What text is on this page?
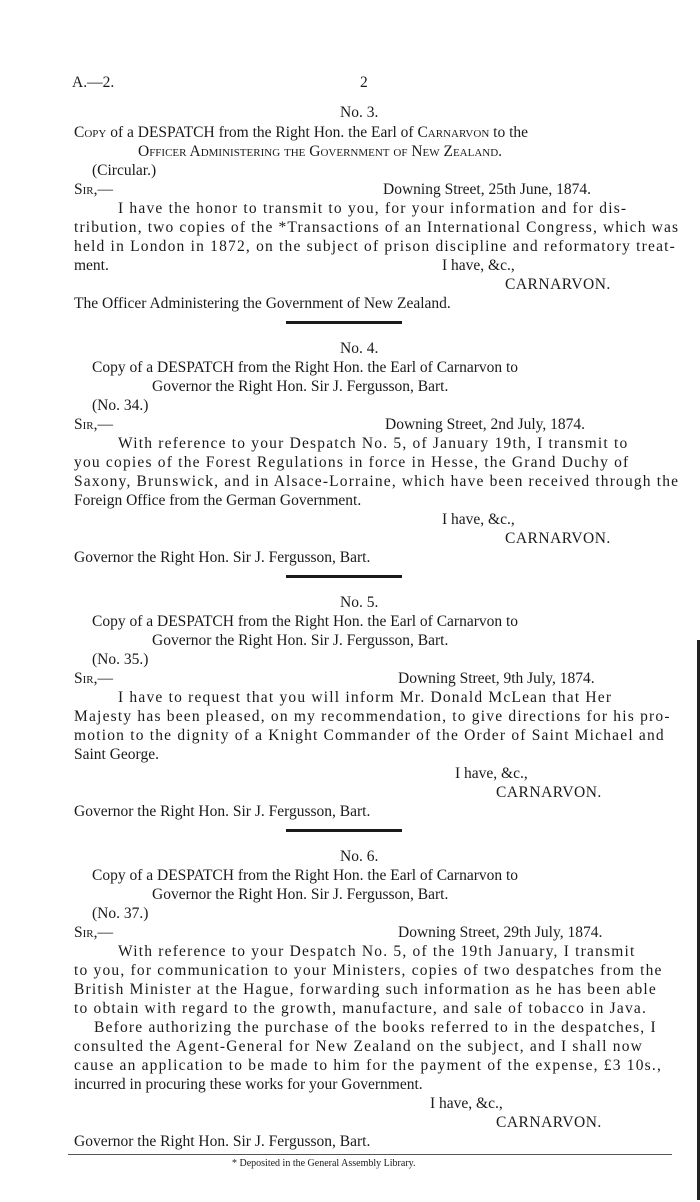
A.—2.	2
No. 3.
Copy of a DESPATCH from the Right Hon. the Earl of Carnarvon to the
Officer Administering the Government of New Zealand.
(Circular.)
Sir,—	Downing Street, 25th June, 1874.
I have the honor to transmit to you, for your information and for dis-
tribution, two copies of the *Transactions of an International Congress, which was
held in London in 1872, on the subject of prison discipline and reformatory treat-
ment.	I have, &c.,
CARNARVON.
The Officer Administering the Government of New Zealand.
No. 4.
Copy of a DESPATCH from the Right Hon. the Earl of Carnarvon to
Governor the Right Hon. Sir J. Fergusson, Bart.
(No. 34.)
Sir,—	Downing Street, 2nd July, 1874.
With reference to your Despatch No. 5, of January 19th, I transmit to
you copies of the Forest Regulations in force in Hesse, the Grand Duchy of
Saxony, Brunswick, and in Alsace-Lorraine, which have been received through the
Foreign Office from the German Government.
I have, &c.,
CARNARVON.
Governor the Right Hon. Sir J. Fergusson, Bart.
No. 5.
Copy of a DESPATCH from the Right Hon. the Earl of Carnarvon to
Governor the Right Hon. Sir J. Fergusson, Bart.
(No. 35.)
Sir,—	Downing Street, 9th July, 1874.
I have to request that you will inform Mr. Donald McLean that Her
Majesty has been pleased, on my recommendation, to give directions for his pro-
motion to the dignity of a Knight Commander of the Order of Saint Michael and
Saint George.
I have, &c.,
CARNARVON.
Governor the Right Hon. Sir J. Fergusson, Bart.
No. 6.
Copy of a DESPATCH from the Right Hon. the Earl of Carnarvon to
Governor the Right Hon. Sir J. Fergusson, Bart.
(No. 37.)
Sir,—	Downing Street, 29th July, 1874.
With reference to your Despatch No. 5, of the 19th January, I transmit
to you, for communication to your Ministers, copies of two despatches from the
British Minister at the Hague, forwarding such information as he has been able
to obtain with regard to the growth, manufacture, and sale of tobacco in Java.
Before authorizing the purchase of the books referred to in the despatches, I
consulted the Agent-General for New Zealand on the subject, and I shall now
cause an application to be made to him for the payment of the expense, £3 10s.,
incurred in procuring these works for your Government.
I have, &c.,
CARNARVON.
Governor the Right Hon. Sir J. Fergusson, Bart.
* Deposited in the General Assembly Library.
